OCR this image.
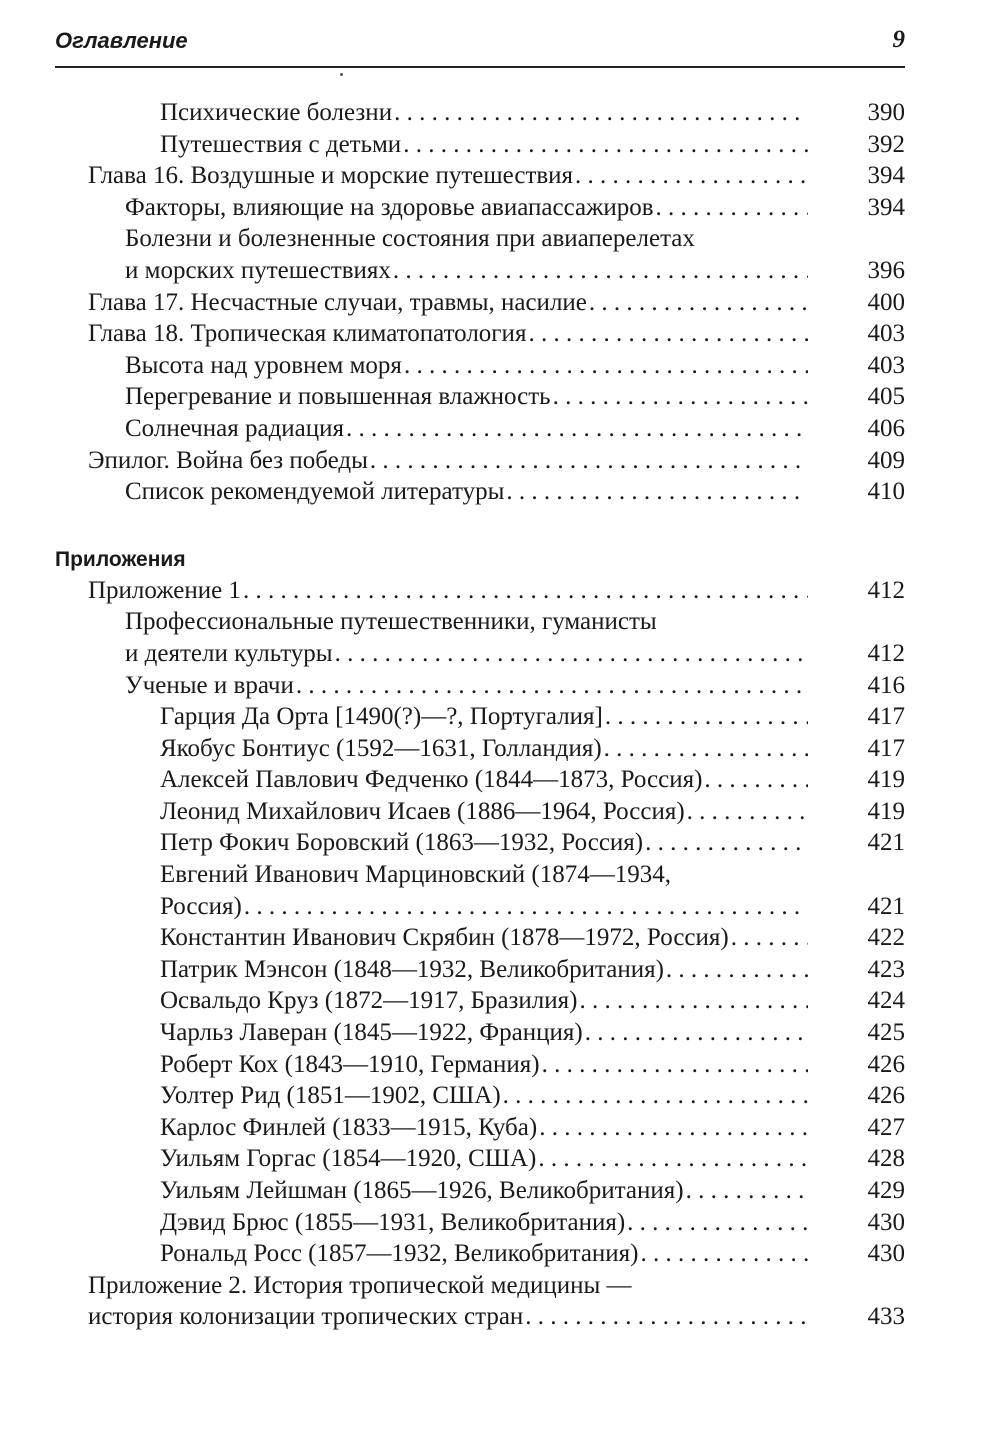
Оглавление	9
Психические болезни . . .	390
Путешествия с детьми . . .	392
Глава 16. Воздушные и морские путешествия . . .	394
Факторы, влияющие на здоровье авиапассажиров . . .	394
Болезни и болезненные состояния при авиаперелетах
и морских путешествиях . . .	396
Глава 17. Несчастные случаи, травмы, насилие . . .	400
Глава 18. Тропическая климатопатология . . .	403
Высота над уровнем моря . . .	403
Перегревание и повышенная влажность . . .	405
Солнечная радиация . . .	406
Эпилог. Война без победы . . .	409
Список рекомендуемой литературы . . .	410
Приложения
Приложение 1 . . .	412
Профессиональные путешественники, гуманисты
и деятели культуры . . .	412
Ученые и врачи . . .	416
Гарция Да Орта [1490(?)—?, Португалия] . . .	417
Якобус Бонтиус (1592—1631, Голландия) . . .	417
Алексей Павлович Федченко (1844—1873, Россия) . . .	419
Леонид Михайлович Исаев (1886—1964, Россия) . . .	419
Петр Фокич Боровский (1863—1932, Россия) . . .	421
Евгений Иванович Марциновский (1874—1934,
Россия) . . .	421
Константин Иванович Скрябин (1878—1972, Россия) . . .	422
Патрик Мэнсон (1848—1932, Великобритания) . . .	423
Освальдо Круз (1872—1917, Бразилия) . . .	424
Чарльз Лаверан (1845—1922, Франция) . . .	425
Роберт Кох (1843—1910, Германия) . . .	426
Уолтер Рид (1851—1902, США) . . .	426
Карлос Финлей (1833—1915, Куба) . . .	427
Уильям Горгас (1854—1920, США) . . .	428
Уильям Лейшман (1865—1926, Великобритания) . . .	429
Дэвид Брюс (1855—1931, Великобритания) . . .	430
Рональд Росс (1857—1932, Великобритания) . . .	430
Приложение 2. История тропической медицины —
история колонизации тропических стран . . .	433
